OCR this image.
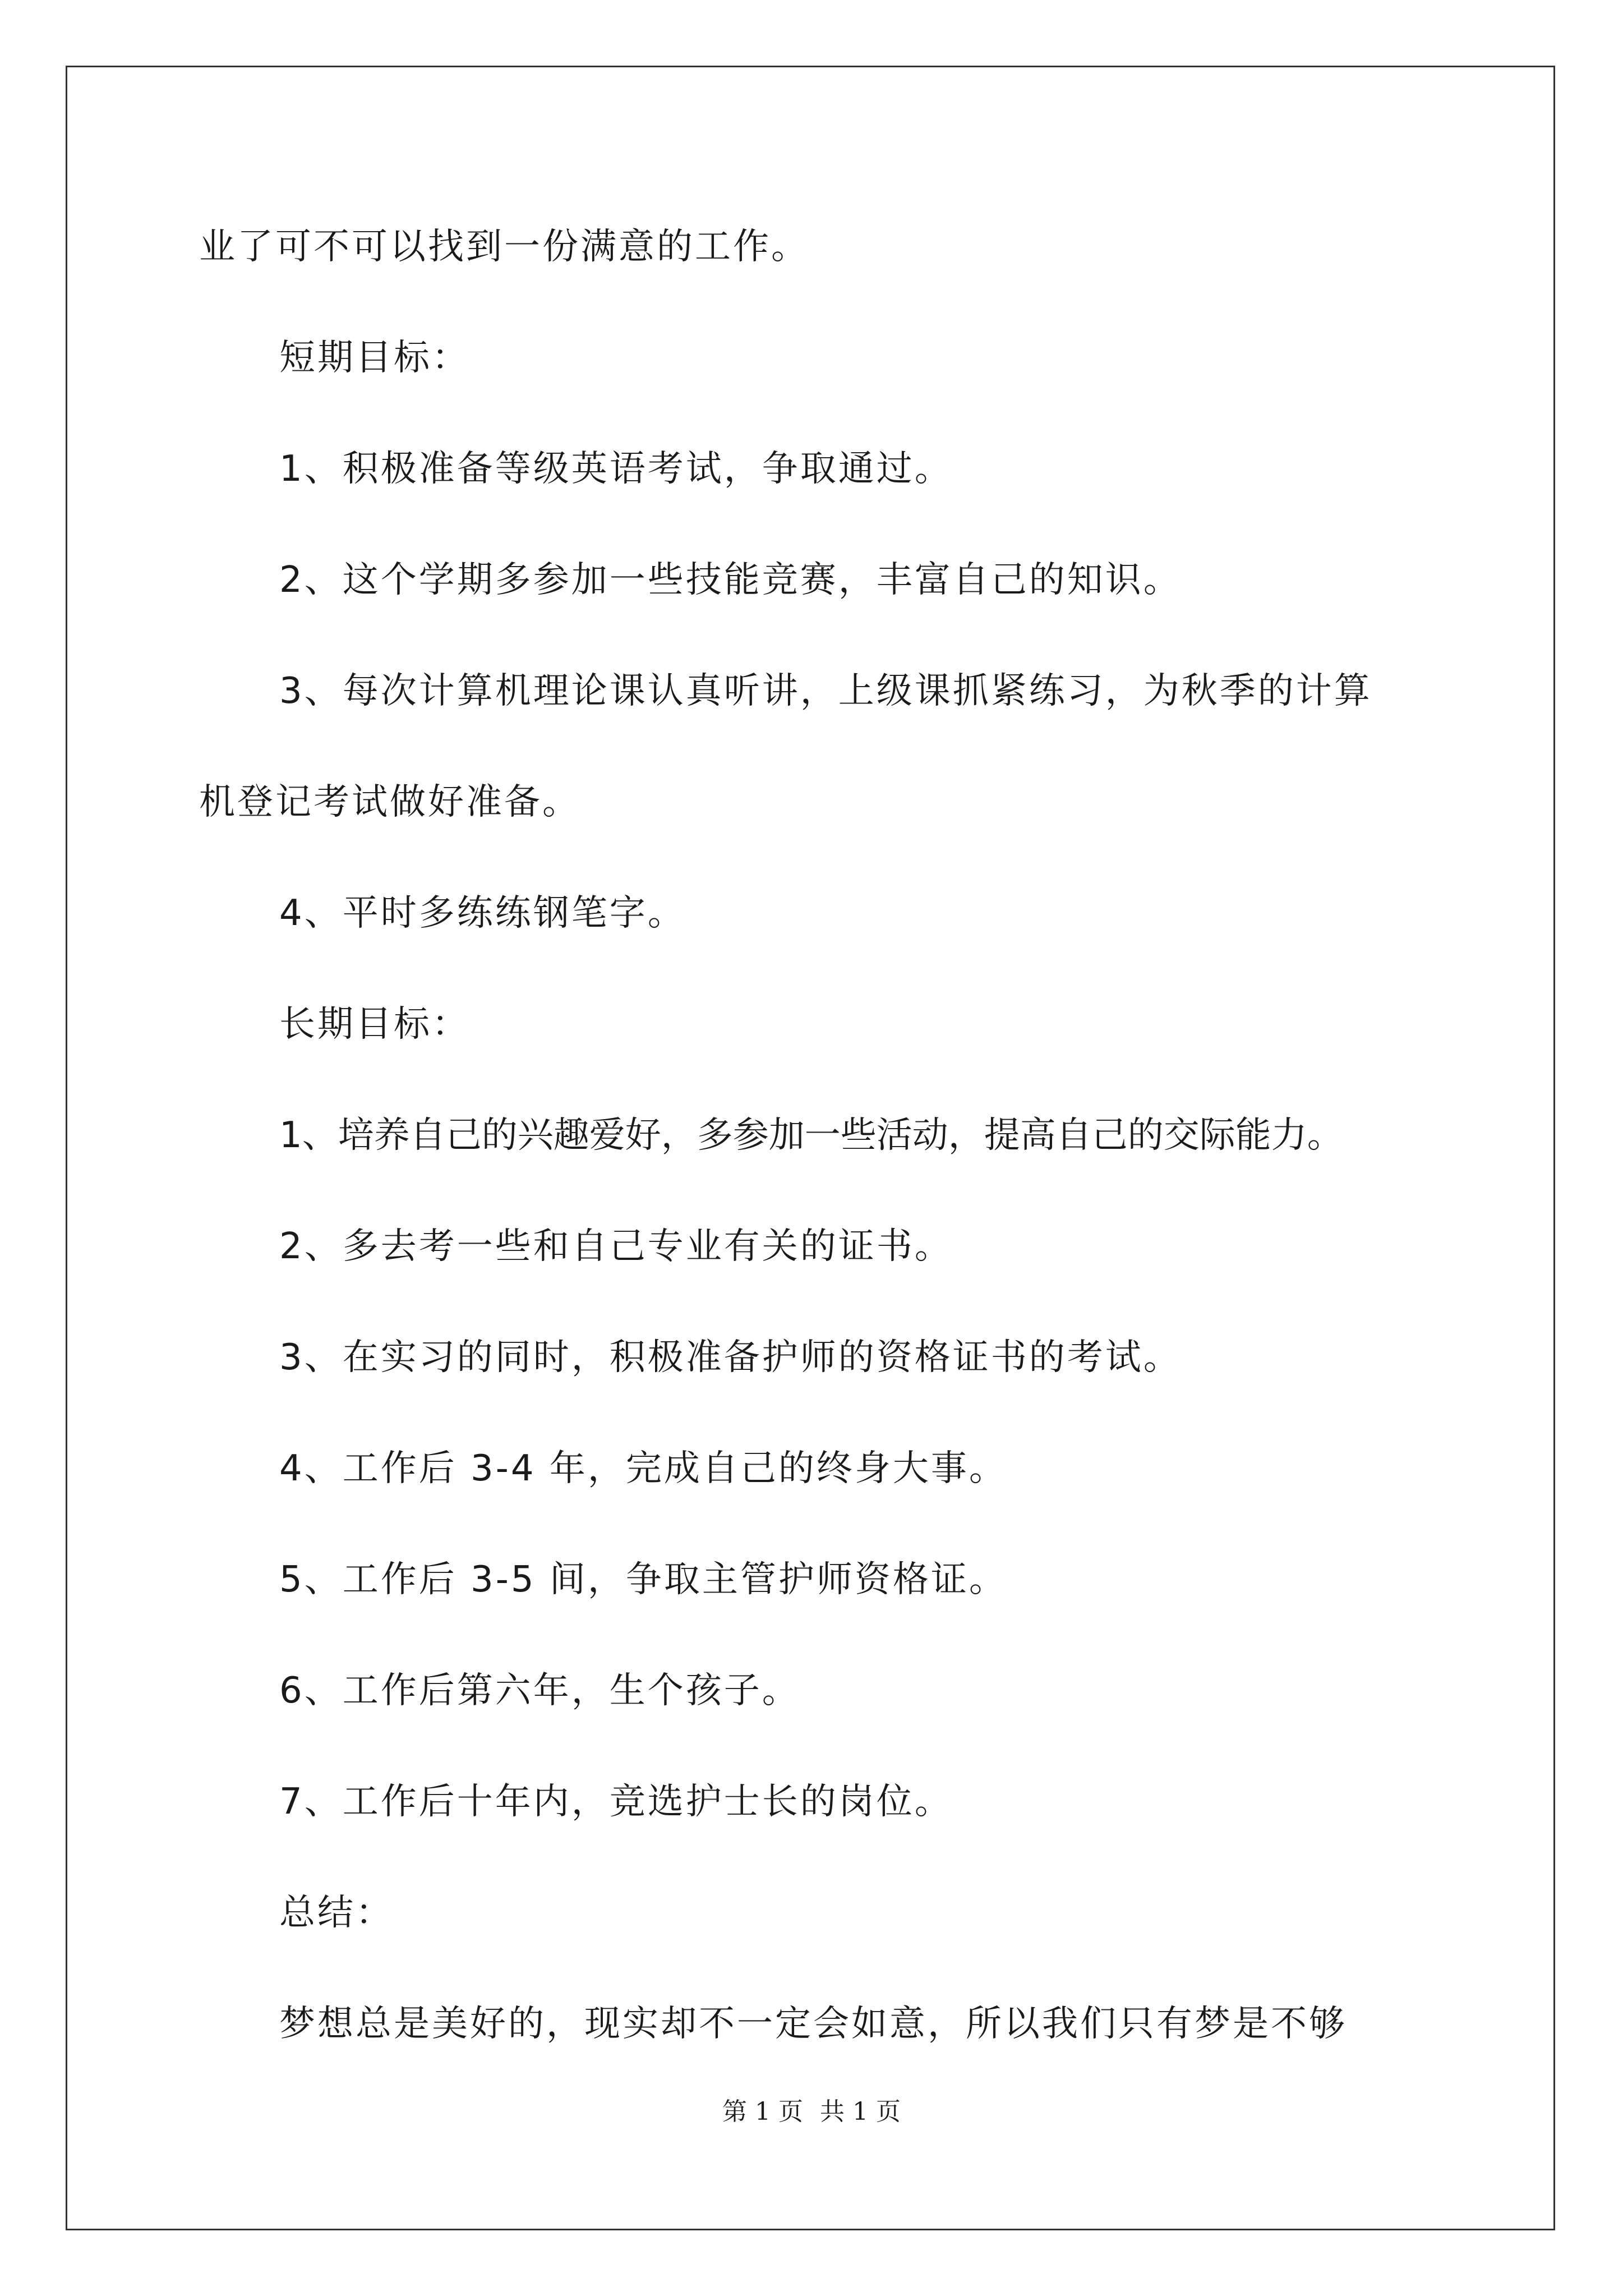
业了可不可以找到一份满意的工作。
短期目标：
1、积极准备等级英语考试，争取通过。
2、这个学期多参加一些技能竞赛，丰富自己的知识。
3、每次计算机理论课认真听讲，上级课抓紧练习，为秋季的计算
机登记考试做好准备。
4、平时多练练钢笔字。
长期目标：
1、培养自己的兴趣爱好，多参加一些活动，提高自己的交际能力。
2、多去考一些和自己专业有关的证书。
3、在实习的同时，积极准备护师的资格证书的考试。
4、工作后 3-4 年，完成自己的终身大事。
5、工作后 3-5 间，争取主管护师资格证。
6、工作后第六年，生个孩子。
7、工作后十年内，竞选护士长的岗位。
总结：
梦想总是美好的，现实却不一定会如意，所以我们只有梦是不够
第 1 页 共 1 页
